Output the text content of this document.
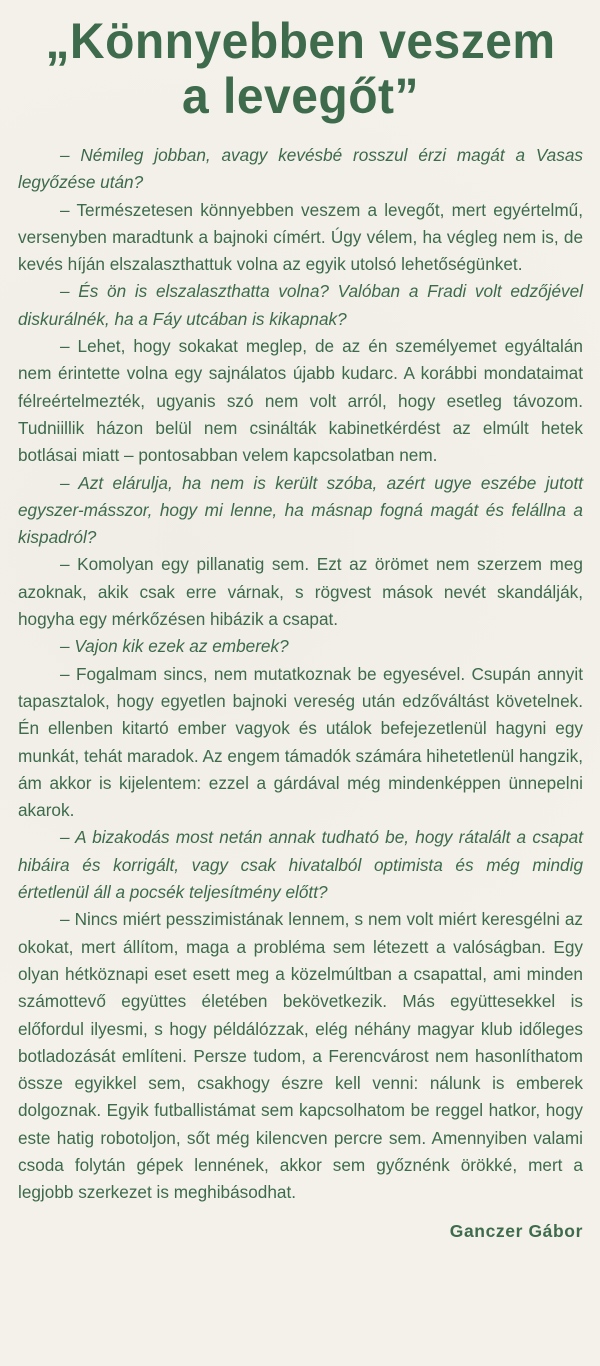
„Könnyebben veszem
a levegőt”

– Némileg jobban, avagy kevésbé rosszul érzi magát a Vasas legyőzése után?

– Természetesen könnyebben veszem a levegőt, mert egyértelmű, versenyben maradtunk a bajnoki címért. Úgy vélem, ha végleg nem is, de kevés híján elszalaszthattuk volna az egyik utolsó lehetőségünket.

– És ön is elszalaszthatta volna? Valóban a Fradi volt edzőjével diskurálnék, ha a Fáy utcában is kikapnak?

– Lehet, hogy sokakat meglep, de az én személyemet egyáltalán nem érintette volna egy sajnálatos újabb kudarc. A korábbi mondataimat félreértelmezték, ugyanis szó nem volt arról, hogy esetleg távozom. Tudniillik házon belül nem csinálták kabinetkérdést az elmúlt hetek botlásai miatt – pontosabban velem kapcsolatban nem.

– Azt elárulja, ha nem is került szóba, azért ugye eszébe jutott egyszer-másszor, hogy mi lenne, ha másnap fogná magát és felállna a kispadról?

– Komolyan egy pillanatig sem. Ezt az örömet nem szerzem meg azoknak, akik csak erre várnak, s rögvest mások nevét skandálják, hogyha egy mérkőzésen hibázik a csapat.

– Vajon kik ezek az emberek?

– Fogalmam sincs, nem mutatkoznak be egyesével. Csupán annyit tapasztalok, hogy egyetlen bajnoki vereség után edzőváltást követelnek. Én ellenben kitartó ember vagyok és utálok befejezetlenül hagyni egy munkát, tehát maradok. Az engem támadók számára hihetetlenül hangzik, ám akkor is kijelentem: ezzel a gárdával még mindenképpen ünnepelni akarok.

– A bizakodás most netán annak tudható be, hogy rátalált a csapat hibáira és korrigált, vagy csak hivatalból optimista és még mindig értetlenül áll a pocsék teljesítmény előtt?

– Nincs miért pesszimistának lennem, s nem volt miért keresgélni az okokat, mert állítom, maga a probléma sem létezett a valóságban. Egy olyan hétköznapi eset esett meg a közelmúltban a csapattal, ami minden számottevő együttes életében bekövetkezik. Más együttesekkel is előfordul ilyesmi, s hogy példálózzak, elég néhány magyar klub időleges botladozását említeni. Persze tudom, a Ferencvárost nem hasonlíthatom össze egyikkel sem, csakhogy észre kell venni: nálunk is emberek dolgoznak. Egyik futballistámat sem kapcsolhatom be reggel hatkor, hogy este hatig robotoljon, sőt még kilencven percre sem. Amennyiben valami csoda folytán gépek lennének, akkor sem győznénk örökké, mert a legjobb szerkezet is meghibásodhat.

Ganczer Gábor
